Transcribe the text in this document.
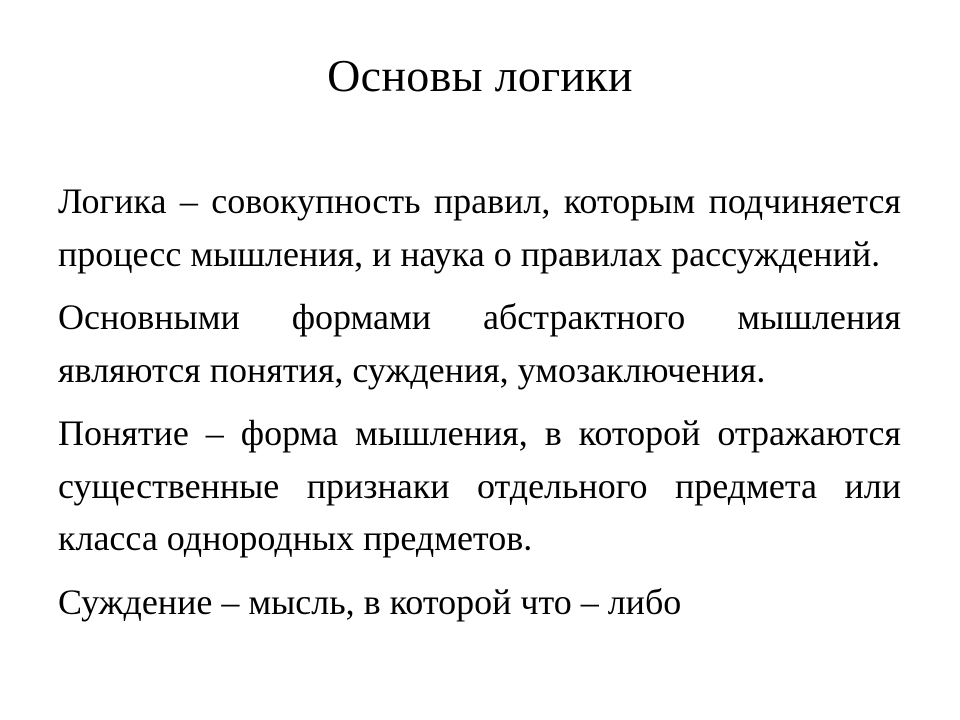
Основы логики

Логика – совокупность правил, которым подчиняется процесс мышления, и наука о правилах рассуждений.

Основными формами абстрактного мышления являются понятия, суждения, умозаключения.

Понятие – форма мышления, в которой отражаются существенные признаки отдельного предмета или класса однородных предметов.

Суждение – мысль, в которой что – либо
